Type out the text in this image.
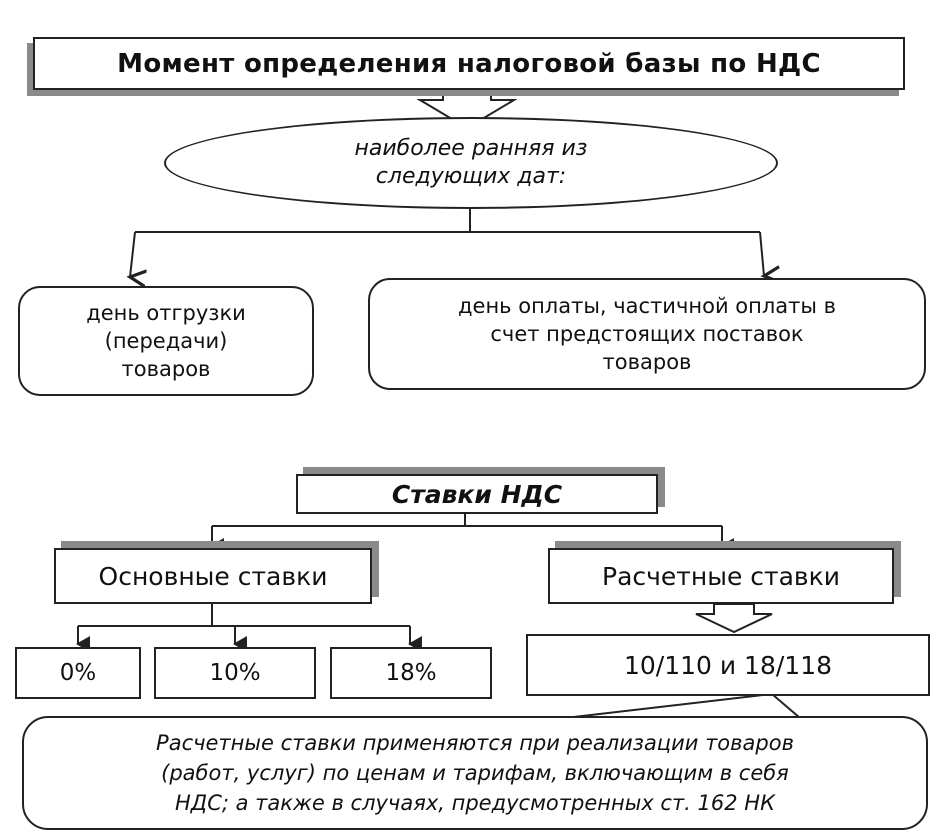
Момент определения налоговой базы по НДС
наиболее ранняя из
следующих дат:
день отгрузки
(передачи)
товаров
день оплаты, частичной оплаты в
счет предстоящих поставок
товаров
Ставки НДС
Основные ставки	Расчетные ставки
0%	10%	18%	10/110 и 18/118
Расчетные ставки применяются при реализации товаров
(работ, услуг) по ценам и тарифам, включающим в себя
НДС; а также в случаях, предусмотренных ст. 162 НК
